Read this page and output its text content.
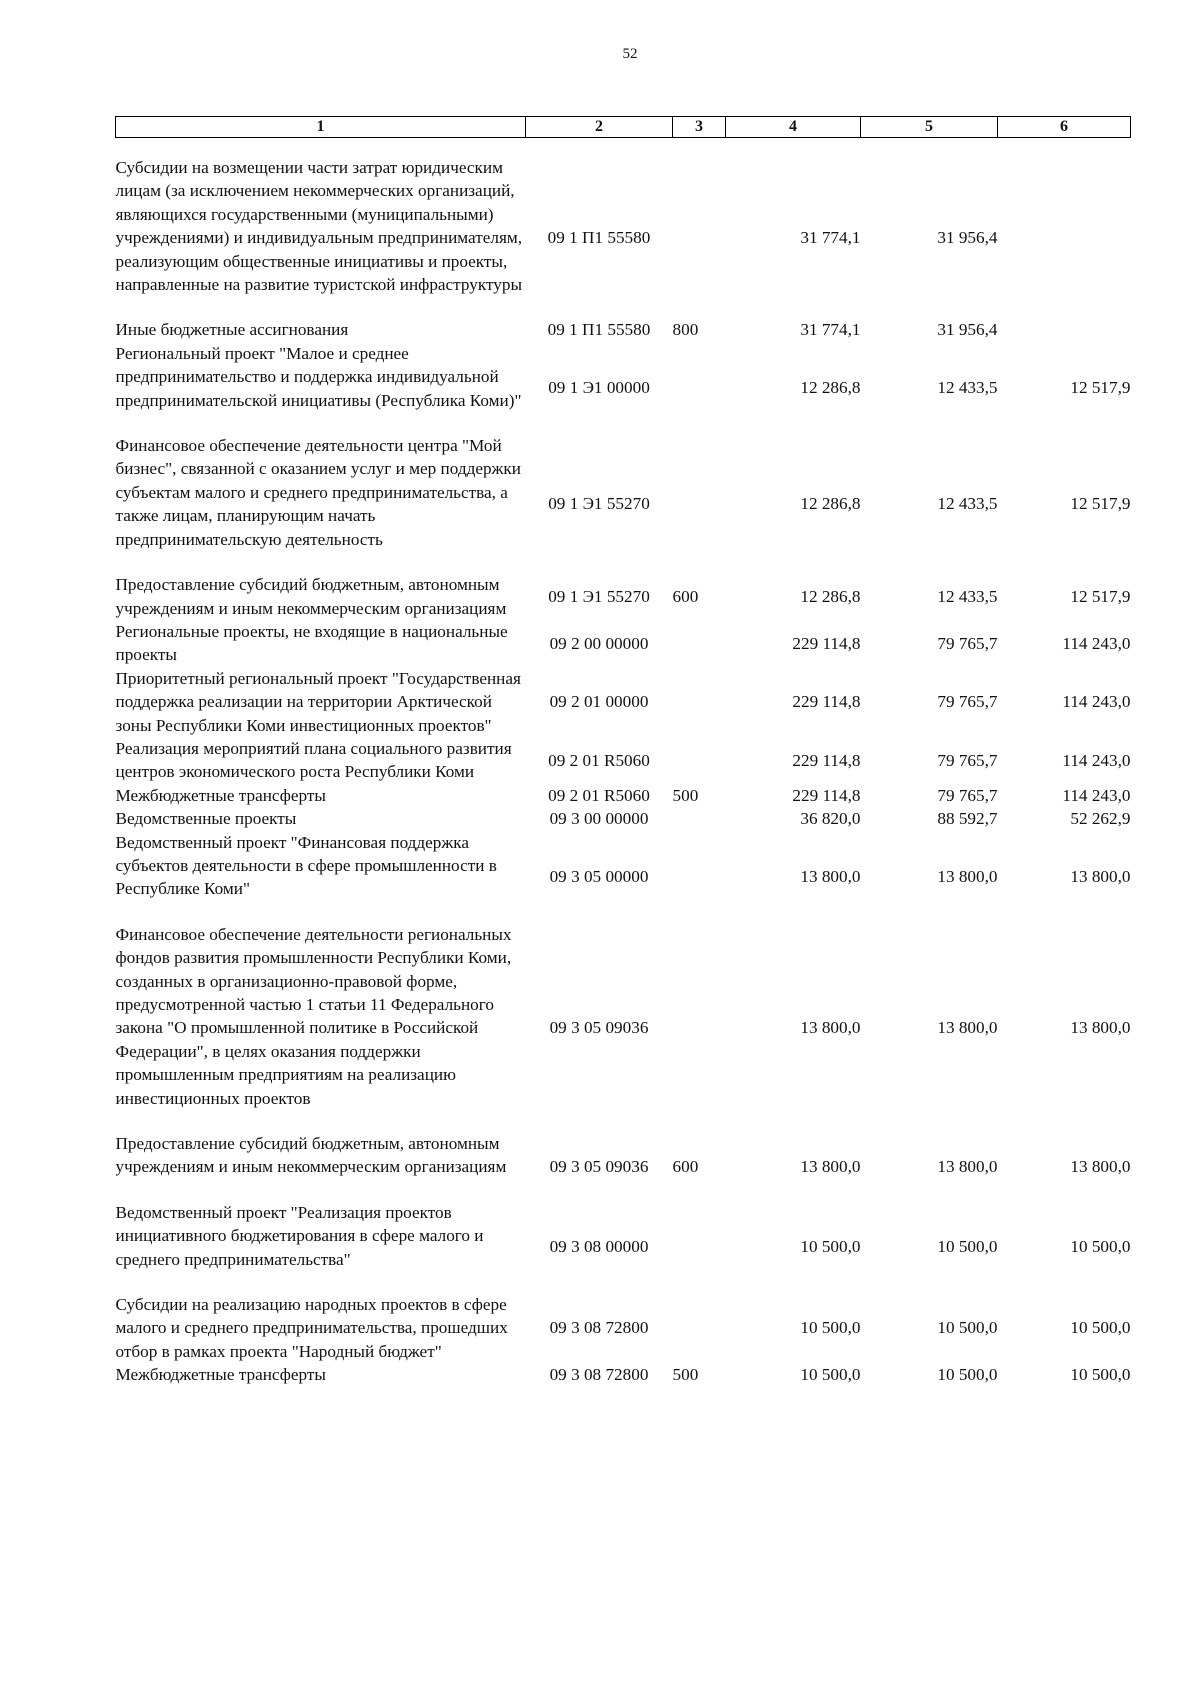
52
1	2	3	4	5	6
Субсидии на возмещении части затрат юридическим лицам (за исключением некоммерческих организаций, являющихся государственными (муниципальными) учреждениями) и индивидуальным предпринимателям, реализующим общественные инициативы и проекты, направленные на развитие туристской инфраструктуры	09 1 П1 55580		31 774,1	31 956,4	
Иные бюджетные ассигнования	09 1 П1 55580	800	31 774,1	31 956,4	
Региональный проект "Малое и среднее предпринимательство и поддержка индивидуальной предпринимательской инициативы (Республика Коми)"	09 1 Э1 00000		12 286,8	12 433,5	12 517,9
Финансовое обеспечение деятельности центра "Мой бизнес", связанной с оказанием услуг и мер поддержки субъектам малого и среднего предпринимательства, а также лицам, планирующим начать предпринимательскую деятельность	09 1 Э1 55270		12 286,8	12 433,5	12 517,9
Предоставление субсидий бюджетным, автономным учреждениям и иным некоммерческим организациям	09 1 Э1 55270	600	12 286,8	12 433,5	12 517,9
Региональные проекты, не входящие в национальные проекты	09 2 00 00000		229 114,8	79 765,7	114 243,0
Приоритетный региональный проект "Государственная поддержка реализации на территории Арктической зоны Республики Коми инвестиционных проектов"	09 2 01 00000		229 114,8	79 765,7	114 243,0
Реализация мероприятий плана социального развития центров экономического роста Республики Коми	09 2 01 R5060		229 114,8	79 765,7	114 243,0
Межбюджетные трансферты	09 2 01 R5060	500	229 114,8	79 765,7	114 243,0
Ведомственные проекты	09 3 00 00000		36 820,0	88 592,7	52 262,9
Ведомственный проект "Финансовая поддержка субъектов деятельности в сфере промышленности в Республике Коми"	09 3 05 00000		13 800,0	13 800,0	13 800,0
Финансовое обеспечение деятельности региональных фондов развития промышленности Республики Коми, созданных в организационно-правовой форме, предусмотренной частью 1 статьи 11 Федерального закона "О промышленной политике в Российской Федерации", в целях оказания поддержки промышленным предприятиям на реализацию инвестиционных проектов	09 3 05 09036		13 800,0	13 800,0	13 800,0
Предоставление субсидий бюджетным, автономным учреждениям и иным некоммерческим организациям	09 3 05 09036	600	13 800,0	13 800,0	13 800,0
Ведомственный проект "Реализация проектов инициативного бюджетирования в сфере малого и среднего предпринимательства"	09 3 08 00000		10 500,0	10 500,0	10 500,0
Субсидии на реализацию народных проектов в сфере малого и среднего предпринимательства, прошедших отбор в рамках проекта "Народный бюджет"	09 3 08 72800		10 500,0	10 500,0	10 500,0
Межбюджетные трансферты	09 3 08 72800	500	10 500,0	10 500,0	10 500,0
